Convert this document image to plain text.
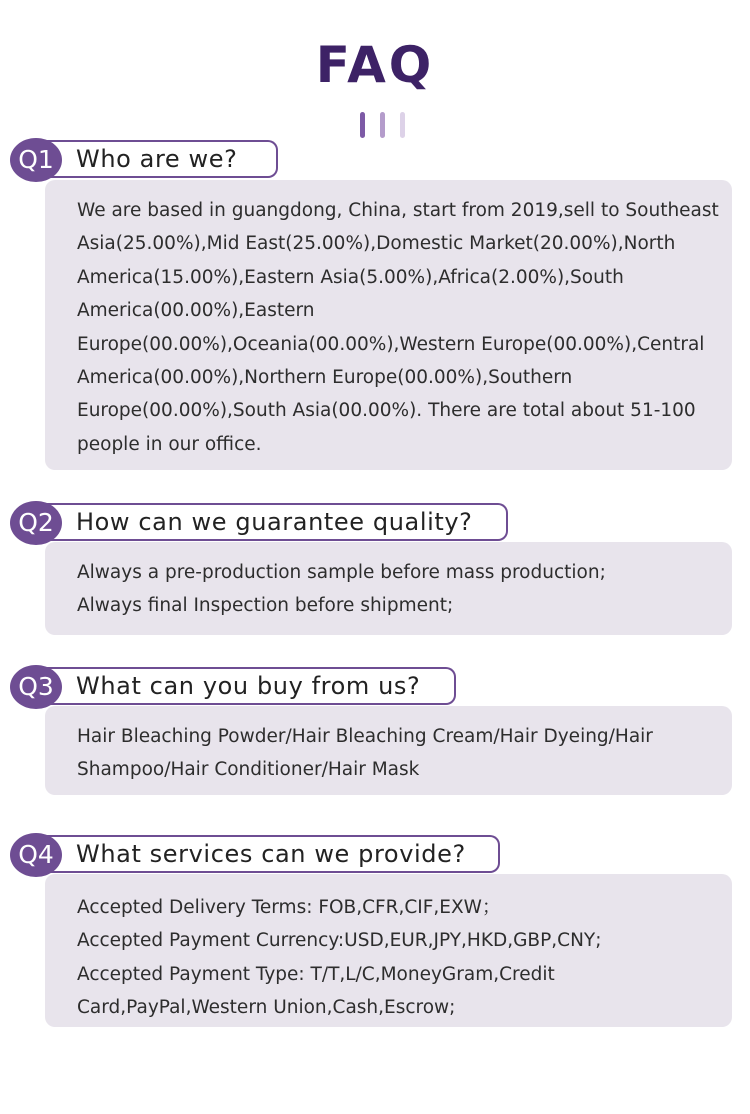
FAQ
Q1 Who are we?
We are based in guangdong, China, start from 2019,sell to Southeast
Asia(25.00%),Mid East(25.00%),Domestic Market(20.00%),North
America(15.00%),Eastern Asia(5.00%),Africa(2.00%),South
America(00.00%),Eastern
Europe(00.00%),Oceania(00.00%),Western Europe(00.00%),Central
America(00.00%),Northern Europe(00.00%),Southern
Europe(00.00%),South Asia(00.00%). There are total about 51-100
people in our office.
Q2 How can we guarantee quality?
Always a pre-production sample before mass production;
Always final Inspection before shipment;
Q3 What can you buy from us?
Hair Bleaching Powder/Hair Bleaching Cream/Hair Dyeing/Hair
Shampoo/Hair Conditioner/Hair Mask
Q4 What services can we provide?
Accepted Delivery Terms: FOB,CFR,CIF,EXW；
Accepted Payment Currency:USD,EUR,JPY,HKD,GBP,CNY;
Accepted Payment Type: T/T,L/C,MoneyGram,Credit
Card,PayPal,Western Union,Cash,Escrow;
